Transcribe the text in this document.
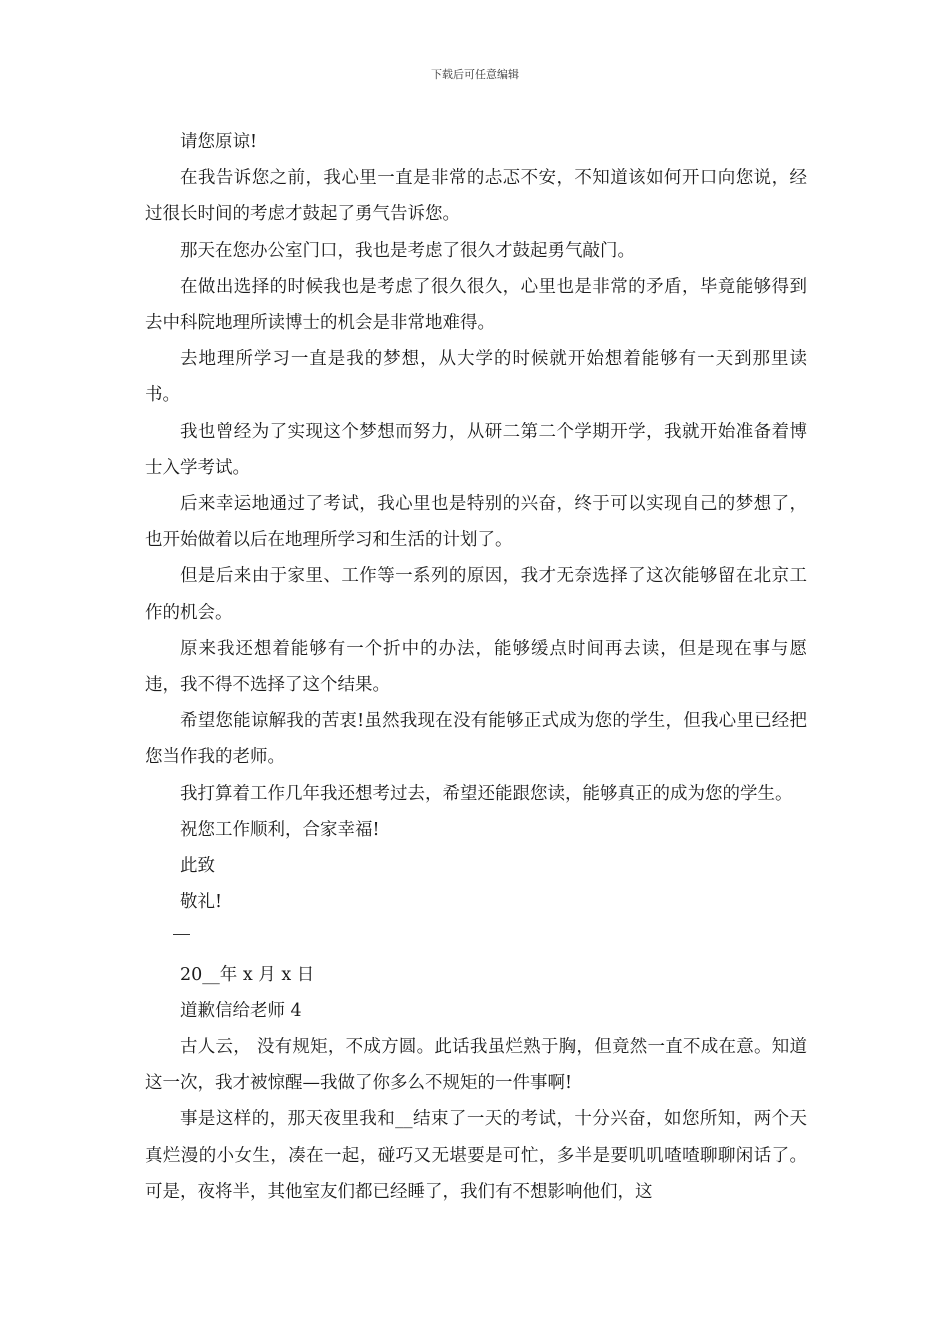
下载后可任意编辑

请您原谅!

在我告诉您之前，我心里一直是非常的忐忑不安，不知道该如何开口向您说，经过很长时间的考虑才鼓起了勇气告诉您。

那天在您办公室门口，我也是考虑了很久才鼓起勇气敲门。

在做出选择的时候我也是考虑了很久很久，心里也是非常的矛盾，毕竟能够得到去中科院地理所读博士的机会是非常地难得。

去地理所学习一直是我的梦想，从大学的时候就开始想着能够有一天到那里读书。

我也曾经为了实现这个梦想而努力，从研二第二个学期开学，我就开始准备着博士入学考试。

后来幸运地通过了考试，我心里也是特别的兴奋，终于可以实现自己的梦想了，也开始做着以后在地理所学习和生活的计划了。

但是后来由于家里、工作等一系列的原因，我才无奈选择了这次能够留在北京工作的机会。

原来我还想着能够有一个折中的办法，能够缓点时间再去读，但是现在事与愿违，我不得不选择了这个结果。

希望您能谅解我的苦衷!虽然我现在没有能够正式成为您的学生，但我心里已经把您当作我的老师。

我打算着工作几年我还想考过去，希望还能跟您读，能够真正的成为您的学生。

祝您工作顺利，合家幸福!

此致

敬礼!

20__年 x 月 x 日

道歉信给老师 4

古人云， 没有规矩，不成方圆。此话我虽烂熟于胸，但竟然一直不成在意。知道这一次，我才被惊醒—我做了你多么不规矩的一件事啊!

事是这样的，那天夜里我和__结束了一天的考试，十分兴奋，如您所知，两个天真烂漫的小女生，凑在一起，碰巧又无堪要是可忙，多半是要叽叽喳喳聊聊闲话了。可是，夜将半，其他室友们都已经睡了，我们有不想影响他们，这
